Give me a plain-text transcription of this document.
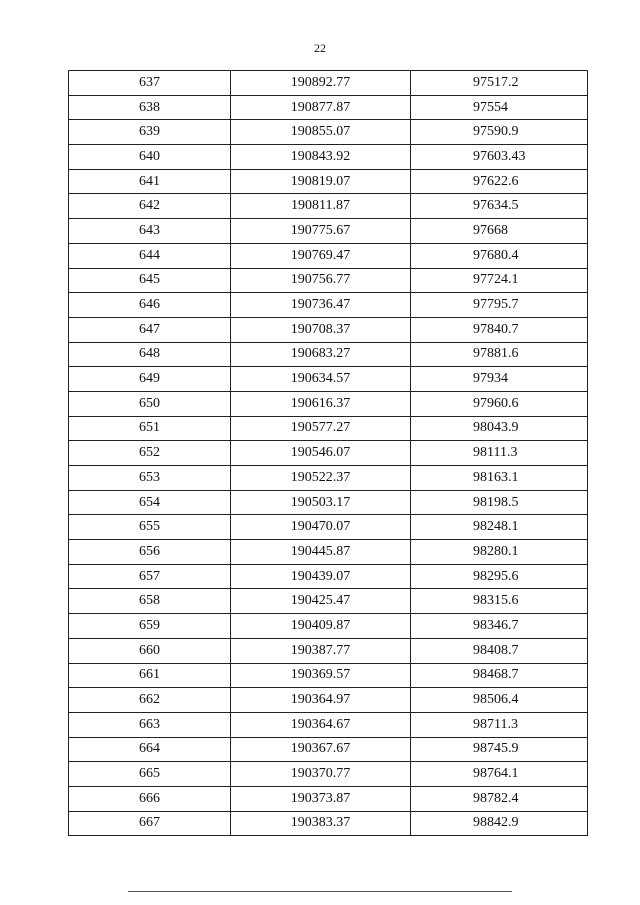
22
637	190892.77	97517.2
638	190877.87	97554
639	190855.07	97590.9
640	190843.92	97603.43
641	190819.07	97622.6
642	190811.87	97634.5
643	190775.67	97668
644	190769.47	97680.4
645	190756.77	97724.1
646	190736.47	97795.7
647	190708.37	97840.7
648	190683.27	97881.6
649	190634.57	97934
650	190616.37	97960.6
651	190577.27	98043.9
652	190546.07	98111.3
653	190522.37	98163.1
654	190503.17	98198.5
655	190470.07	98248.1
656	190445.87	98280.1
657	190439.07	98295.6
658	190425.47	98315.6
659	190409.87	98346.7
660	190387.77	98408.7
661	190369.57	98468.7
662	190364.97	98506.4
663	190364.67	98711.3
664	190367.67	98745.9
665	190370.77	98764.1
666	190373.87	98782.4
667	190383.37	98842.9
